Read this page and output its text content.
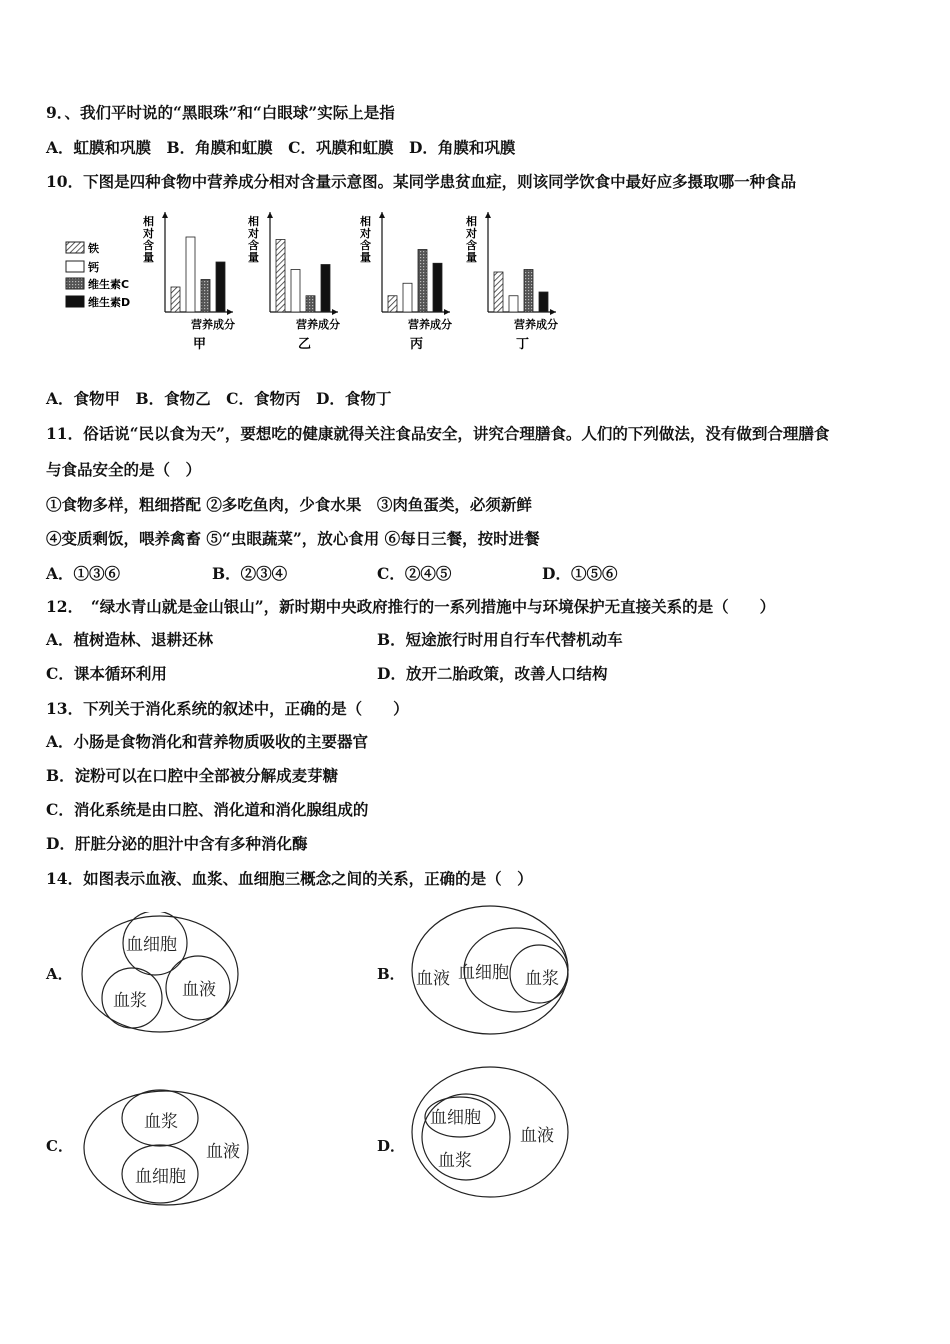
9．、我们平时说的“黑眼珠”和“白眼球”实际上是指
A．虹膜和巩膜　B．角膜和虹膜　C．巩膜和虹膜　D．角膜和巩膜
10．下图是四种食物中营养成分相对含量示意图。某同学患贫血症，则该同学饮食中最好应多摄取哪一种食品
铁
钙
维生素C
维生素D
相
对
含
量
营养成分
甲
相
对
含
量
营养成分
乙
相
对
含
量
营养成分
丙
相
对
含
量
营养成分
丁
A．食物甲　B．食物乙　C．食物丙　D．食物丁
11．俗话说“民以食为天”，要想吃的健康就得关注食品安全，讲究合理膳食。人们的下列做法，没有做到合理膳食
与食品安全的是（　）
①食物多样，粗细搭配 ②多吃鱼肉，少食水果　③肉鱼蛋类，必须新鲜
④变质剩饭，喂养禽畜 ⑤“虫眼蔬菜”，放心食用 ⑥每日三餐，按时进餐
A．①③⑥	B．②③④	C．②④⑤	D．①⑤⑥
12．　“绿水青山就是金山银山”，新时期中央政府推行的一系列措施中与环境保护无直接关系的是（　　）
A．植树造林、退耕还林	B．短途旅行时用自行车代替机动车
C．课本循环利用	D．放开二胎政策，改善人口结构
13．下列关于消化系统的叙述中，正确的是（　　）
A．小肠是食物消化和营养物质吸收的主要器官
B．淀粉可以在口腔中全部被分解成麦芽糖
C．消化系统是由口腔、消化道和消化腺组成的
D．肝脏分泌的胆汁中含有多种消化酶
14．如图表示血液、血浆、血细胞三概念之间的关系，正确的是（　）
A．	B．
C．	D．
血细胞
血浆
血液
血液 血细胞 血浆
血浆
血细胞
血液
血细胞
血浆
血液
